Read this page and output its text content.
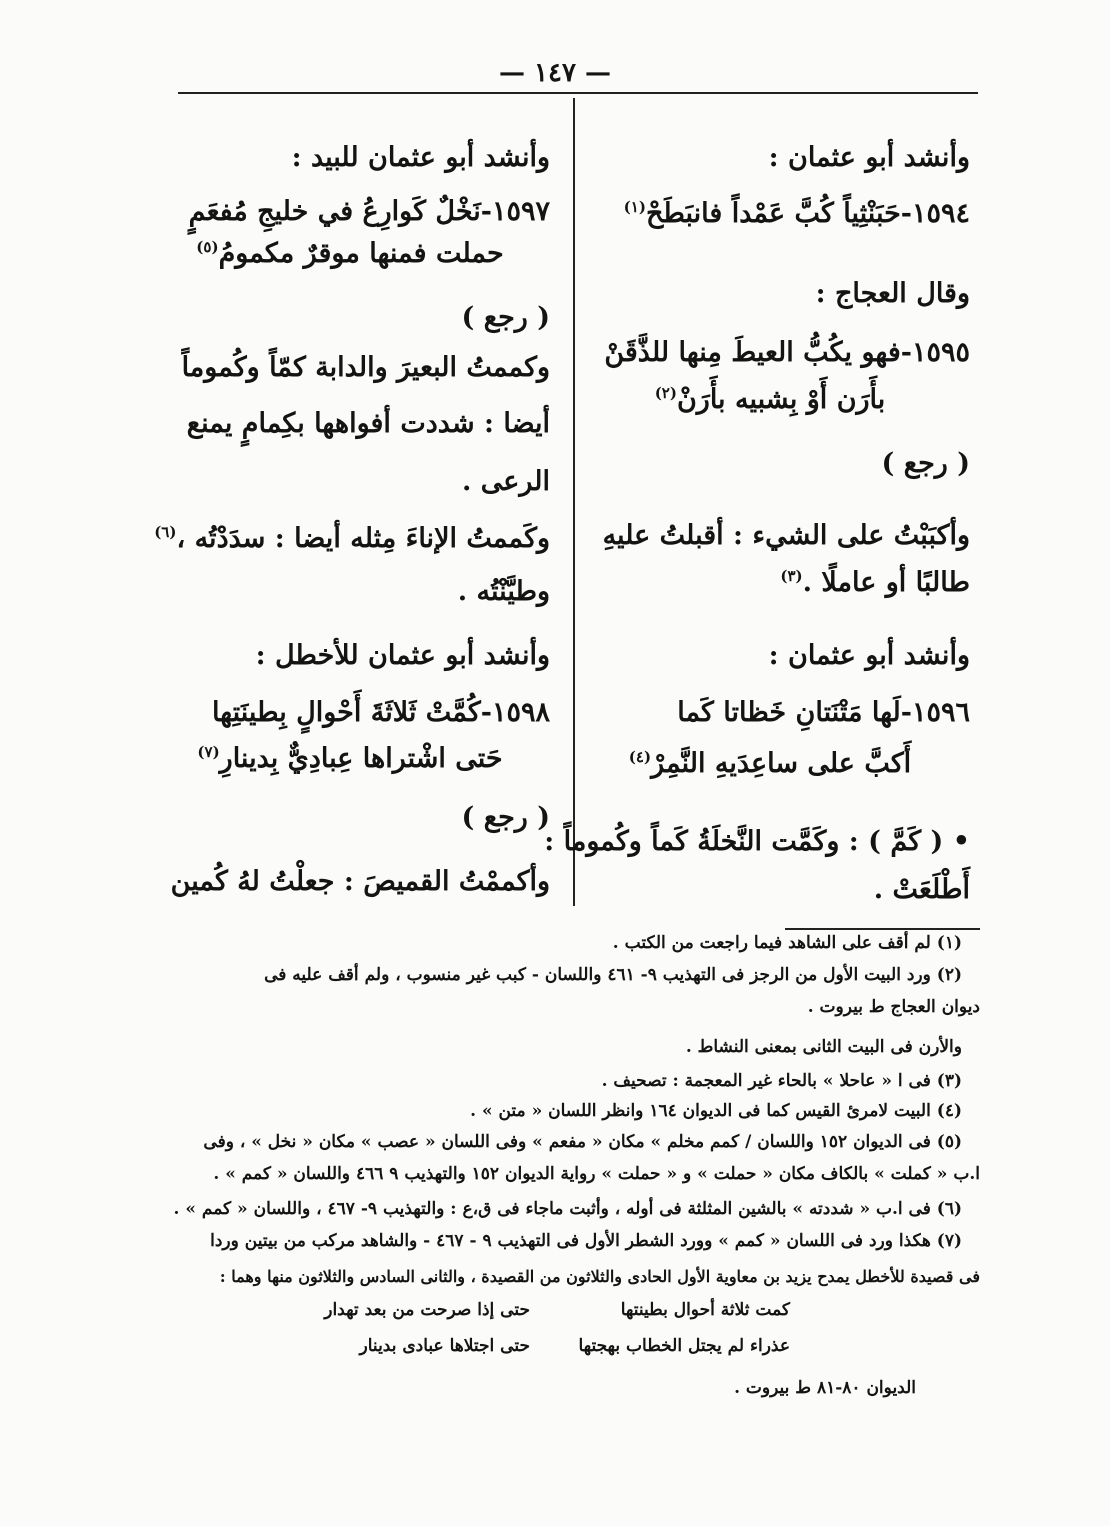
— ١٤٧ —
وأنشد أبو عثمان :
١٥٩٤-حَبَنْثِياً كُبَّ عَمْداً فانبَطَحْ$^{(١)}$
وقال العجاج :
١٥٩٥-فهو يكُبُّ العيطَ مِنها للذَّقَنْ
بأَرَن أَوْ بِشبيه بأَرَنْ$^{(٢)}$
( رجع )
وأكبَبْتُ على الشيء : أقبلتُ عليهِ
طالبًا أو عاملًا .$^{(٣)}$
وأنشد أبو عثمان :
١٥٩٦-لَها مَتْنَتانِ خَظاتا كَما
أَكبَّ على ساعِدَيهِ النَّمِرْ$^{(٤)}$
• ( كَمَّ ) : وكَمَّت النَّخلَةُ كَماً وكُموماً :
أَطْلَعَتْ .
وأنشد أبو عثمان للبيد :
١٥٩٧-نَخْلٌ كَوارِعُ في خليجِ مُفعَمٍ
حملت فمنها موقرٌ مكمومُ$^{(٥)}$
( رجع )
وكممتُ البعيرَ والدابة كمّاً وكُموماً
أيضا : شددت أفواهها بكِمامٍ يمنع
الرعى .
وكَممتُ الإناءَ مِثله أيضا : سدَدْتُه ،$^{(٦)}$
وطيَّنْتُه .
وأنشد أبو عثمان للأخطل :
١٥٩٨-كُمَّتْ ثَلاثَةَ أَحْوالٍ بِطينَتِها
حَتى اشْتراها عِبادِيٌّ بِدينارِ$^{(٧)}$
( رجع )
وأكممْتُ القميصَ : جعلْتُ لهُ كُمين
(١) لم أقف على الشاهد فيما راجعت من الكتب .
(٢) ورد البيت الأول من الرجز فى التهذيب ٩- ٤٦١ واللسان - كبب غير منسوب ، ولم أقف عليه فى
ديوان العجاج ط بيروت .
والأرن فى البيت الثانى بمعنى النشاط .
(٣) فى ا « عاحلا » بالحاء غير المعجمة : تصحيف .
(٤) البيت لامرئ القيس كما فى الديوان ١٦٤ وانظر اللسان « متن » .
(٥) فى الديوان ١٥٢ واللسان / كمم مخلم » مكان « مفعم » وفى اللسان « عصب » مكان « نخل » ، وفى
ا.ب « كملت » بالكاف مكان « حملت » و « حملت » رواية الديوان ١٥٢ والتهذيب ٩ ٤٦٦ واللسان « كمم » .
(٦) فى ا.ب « شددته » بالشين المثلثة فى أوله ، وأثبت ماجاء فى ق،ع : والتهذيب ٩- ٤٦٧ ، واللسان « كمم » .
(٧) هكذا ورد فى اللسان « كمم » وورد الشطر الأول فى التهذيب ٩ - ٤٦٧ - والشاهد مركب من بيتين وردا
فى قصيدة للأخطل يمدح يزيد بن معاوية الأول الحادى والثلاثون من القصيدة ، والثانى السادس والثلاثون منها وهما :
كمت ثلاثة أحوال بطينتها
حتى إذا صرحت من بعد تهدار
عذراء لم يجتل الخطاب بهجتها
حتى اجتلاها عبادى بدينار
الديوان ٨٠-٨١ ط بيروت .
